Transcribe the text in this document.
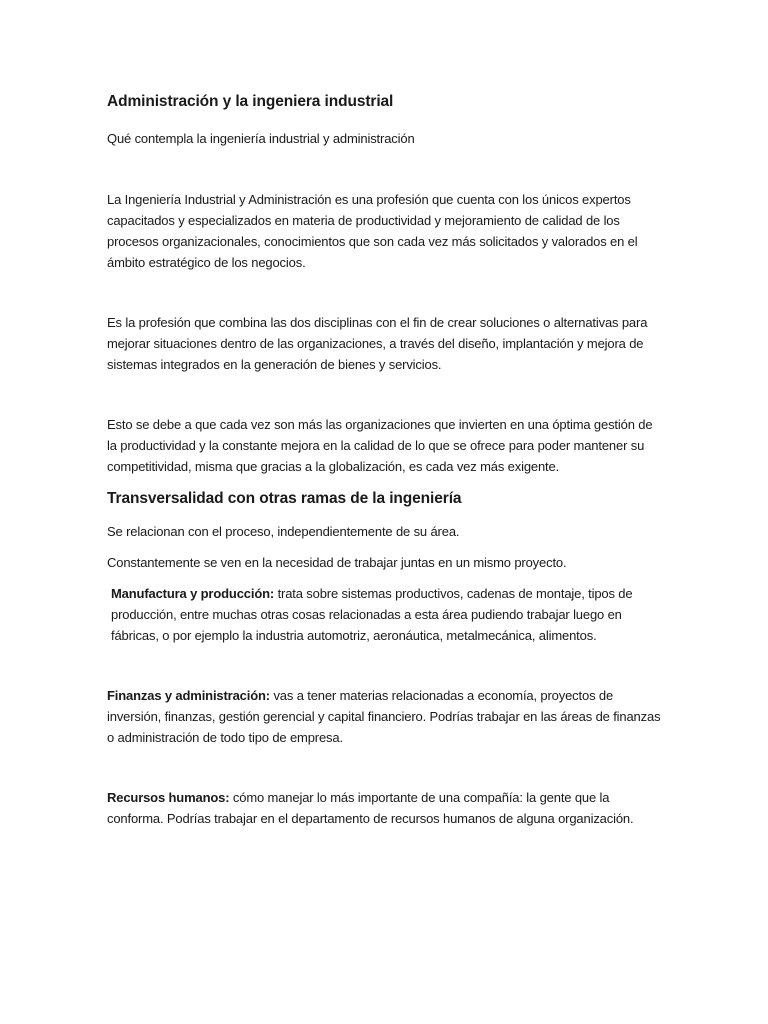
Administración y la ingeniera industrial

Qué contempla la ingeniería industrial y administración

La Ingeniería Industrial y Administración es una profesión que cuenta con los únicos expertos capacitados y especializados en materia de productividad y mejoramiento de calidad de los procesos organizacionales, conocimientos que son cada vez más solicitados y valorados en el ámbito estratégico de los negocios.

Es la profesión que combina las dos disciplinas con el fin de crear soluciones o alternativas para mejorar situaciones dentro de las organizaciones, a través del diseño, implantación y mejora de sistemas integrados en la generación de bienes y servicios.

Esto se debe a que cada vez son más las organizaciones que invierten en una óptima gestión de la productividad y la constante mejora en la calidad de lo que se ofrece para poder mantener su competitividad, misma que gracias a la globalización, es cada vez más exigente.

Transversalidad con otras ramas de la ingeniería

Se relacionan con el proceso, independientemente de su área.

Constantemente se ven en la necesidad de trabajar juntas en un mismo proyecto.

Manufactura y producción: trata sobre sistemas productivos, cadenas de montaje, tipos de producción, entre muchas otras cosas relacionadas a esta área pudiendo trabajar luego en fábricas, o por ejemplo la industria automotriz, aeronáutica, metalmecánica, alimentos.

Finanzas y administración: vas a tener materias relacionadas a economía, proyectos de inversión, finanzas, gestión gerencial y capital financiero. Podrías trabajar en las áreas de finanzas o administración de todo tipo de empresa.

Recursos humanos: cómo manejar lo más importante de una compañía: la gente que la conforma. Podrías trabajar en el departamento de recursos humanos de alguna organización.
